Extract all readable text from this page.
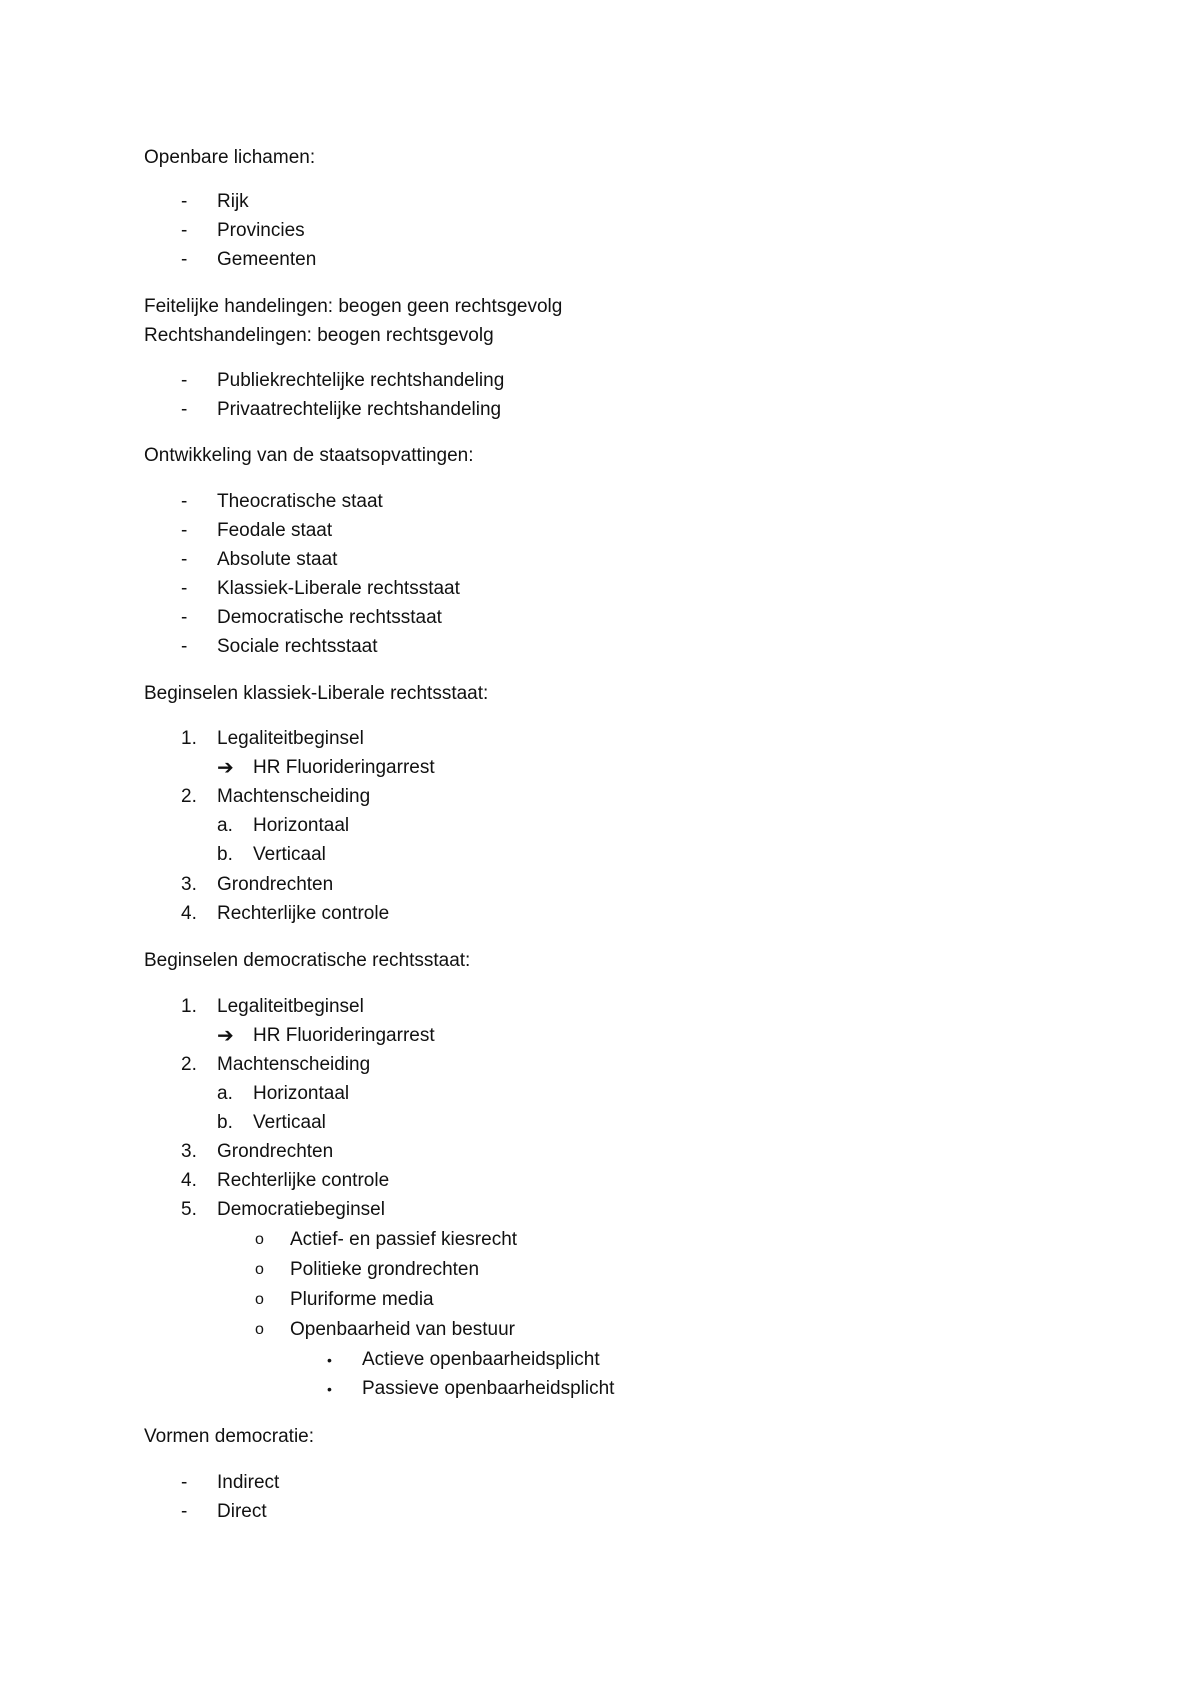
Openbare lichamen:
- Rijk
- Provincies
- Gemeenten
Feitelijke handelingen: beogen geen rechtsgevolg
Rechtshandelingen: beogen rechtsgevolg
- Publiekrechtelijke rechtshandeling
- Privaatrechtelijke rechtshandeling
Ontwikkeling van de staatsopvattingen:
- Theocratische staat
- Feodale staat
- Absolute staat
- Klassiek-Liberale rechtsstaat
- Democratische rechtsstaat
- Sociale rechtsstaat
Beginselen klassiek-Liberale rechtsstaat:
1. Legaliteitbeginsel
➔ HR Fluorideringarrest
2. Machtenscheiding
a. Horizontaal
b. Verticaal
3. Grondrechten
4. Rechterlijke controle
Beginselen democratische rechtsstaat:
1. Legaliteitbeginsel
➔ HR Fluorideringarrest
2. Machtenscheiding
a. Horizontaal
b. Verticaal
3. Grondrechten
4. Rechterlijke controle
5. Democratiebeginsel
o Actief- en passief kiesrecht
o Politieke grondrechten
o Pluriforme media
o Openbaarheid van bestuur
• Actieve openbaarheidsplicht
• Passieve openbaarheidsplicht
Vormen democratie:
- Indirect
- Direct
